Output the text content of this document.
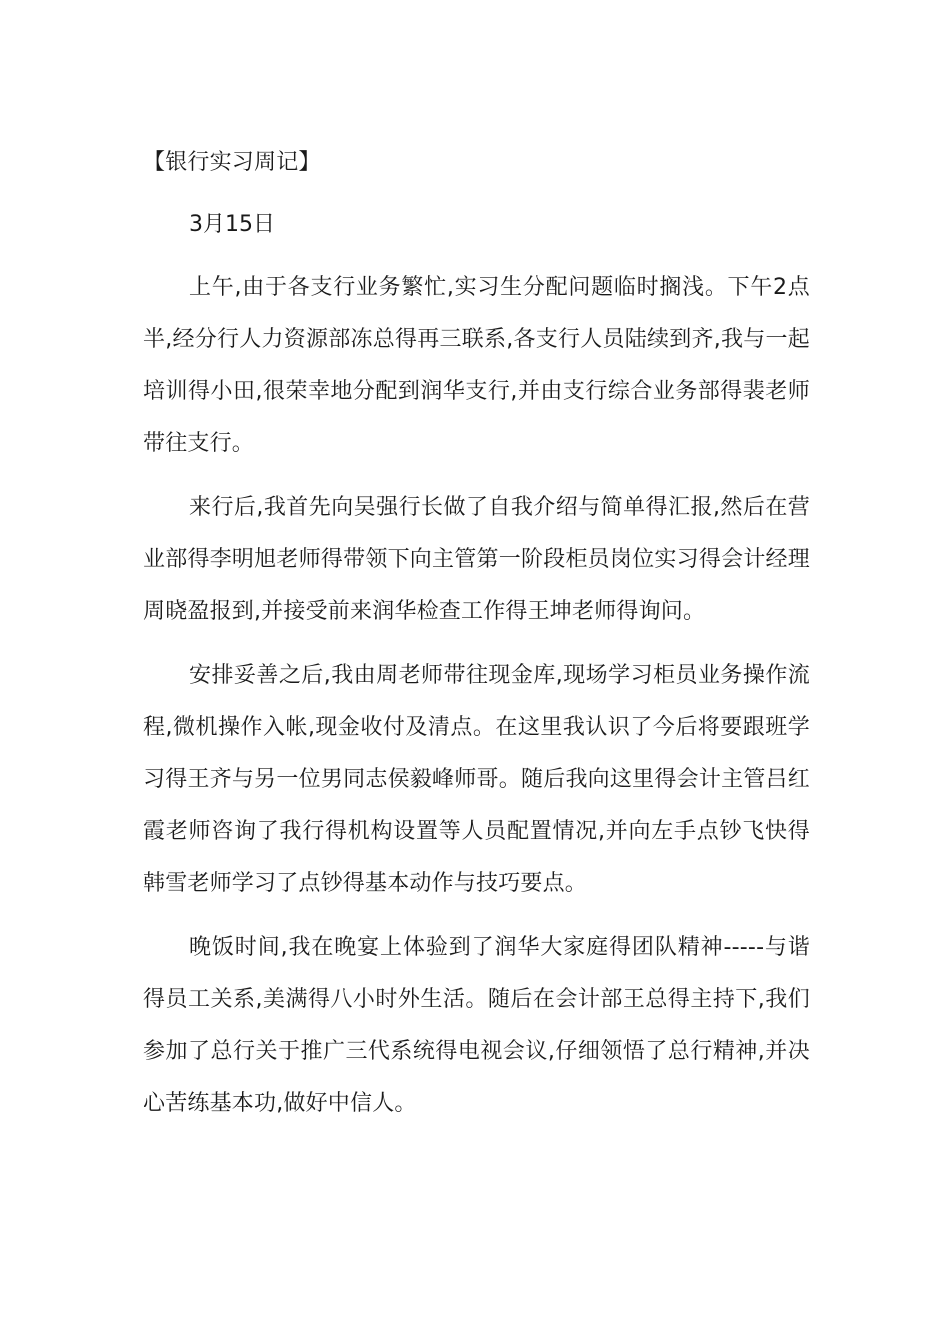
【银行实习周记】

3月15日

上午,由于各支行业务繁忙,实习生分配问题临时搁浅。下午2点半,经分行人力资源部冻总得再三联系,各支行人员陆续到齐,我与一起培训得小田,很荣幸地分配到润华支行,并由支行综合业务部得裴老师带往支行。

来行后,我首先向吴强行长做了自我介绍与简单得汇报,然后在营业部得李明旭老师得带领下向主管第一阶段柜员岗位实习得会计经理周晓盈报到,并接受前来润华检查工作得王坤老师得询问。

安排妥善之后,我由周老师带往现金库,现场学习柜员业务操作流程,微机操作入帐,现金收付及清点。在这里我认识了今后将要跟班学习得王齐与另一位男同志侯毅峰师哥。随后我向这里得会计主管吕红霞老师咨询了我行得机构设置等人员配置情况,并向左手点钞飞快得韩雪老师学习了点钞得基本动作与技巧要点。

晚饭时间,我在晚宴上体验到了润华大家庭得团队精神-----与谐得员工关系,美满得八小时外生活。随后在会计部王总得主持下,我们参加了总行关于推广三代系统得电视会议,仔细领悟了总行精神,并决心苦练基本功,做好中信人。
